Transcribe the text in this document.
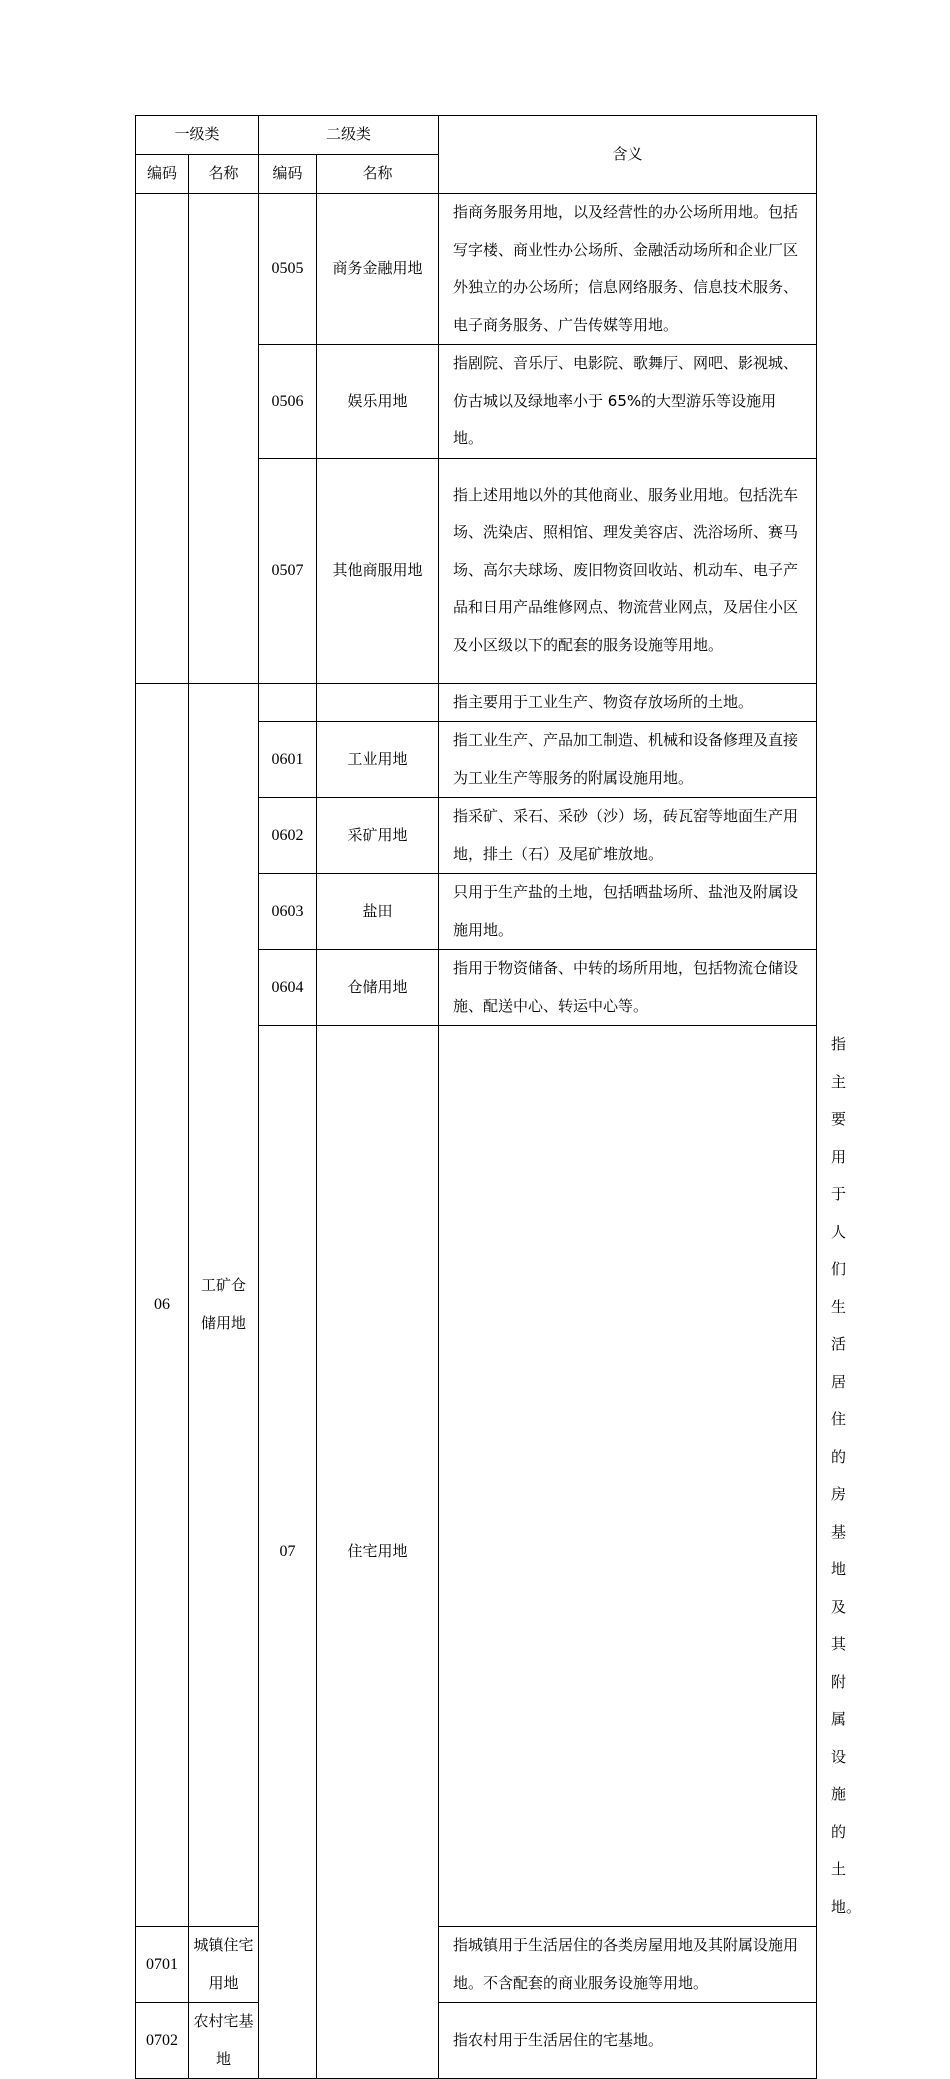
一级类		二级类		含义	
编码	名称	编码	名称		
		0505	商务金融用地	指商务服务用地，以及经营性的办公场所用地。包括写字楼、商业性办公场所、金融活动场所和企业厂区外独立的办公场所；信息网络服务、信息技术服务、电子商务服务、广告传媒等用地。	
		0506	娱乐用地	指剧院、音乐厅、电影院、歌舞厅、网吧、影视城、仿古城以及绿地率小于 65%的大型游乐等设施用地。	
		0507	其他商服用地	指上述用地以外的其他商业、服务业用地。包括洗车场、洗染店、照相馆、理发美容店、洗浴场所、赛马场、高尔夫球场、废旧物资回收站、机动车、电子产品和日用产品维修网点、物流营业网点，及居住小区及小区级以下的配套的服务设施等用地。	
06	工矿仓储用地			指主要用于工业生产、物资存放场所的土地。	
		0601	工业用地	指工业生产、产品加工制造、机械和设备修理及直接为工业生产等服务的附属设施用地。	
		0602	采矿用地	指采矿、采石、采砂（沙）场，砖瓦窑等地面生产用地，排土（石）及尾矿堆放地。	
		0603	盐田	只用于生产盐的土地，包括晒盐场所、盐池及附属设施用地。	
		0604	仓储用地	指用于物资储备、中转的场所用地，包括物流仓储设施、配送中心、转运中心等。	
		07	住宅用地			指主要用于人们生活居住的房基地及其附属设施的土地。
0701	城镇住宅用地			指城镇用于生活居住的各类房屋用地及其附属设施用地。不含配套的商业服务设施等用地。	
0702	农村宅基地			指农村用于生活居住的宅基地。	
